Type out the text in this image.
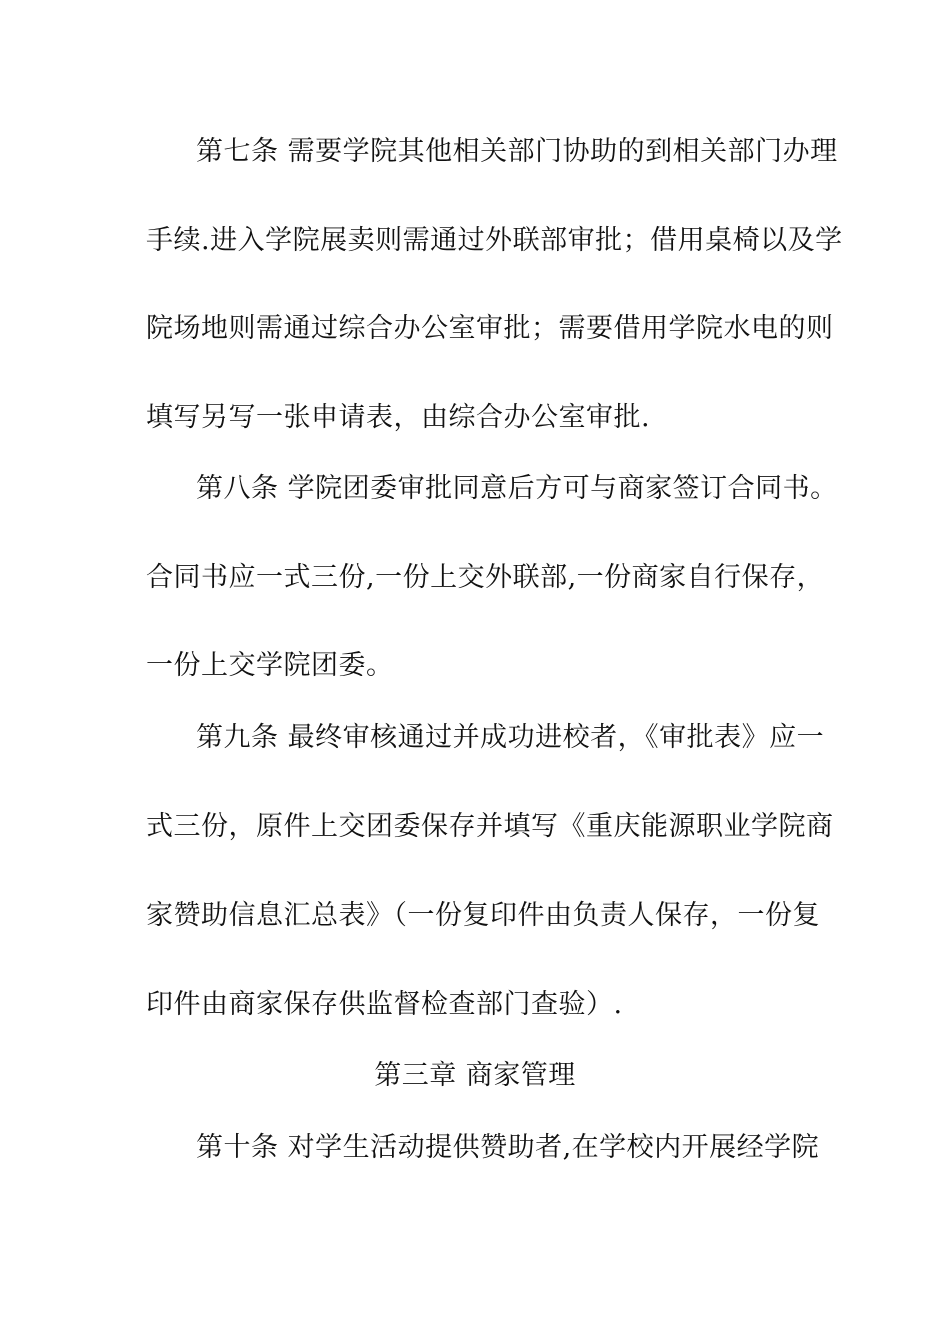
第七条 需要学院其他相关部门协助的到相关部门办理
手续.进入学院展卖则需通过外联部审批；借用桌椅以及学
院场地则需通过综合办公室审批；需要借用学院水电的则
填写另写一张申请表，由综合办公室审批.
第八条 学院团委审批同意后方可与商家签订合同书。
合同书应一式三份,一份上交外联部,一份商家自行保存，
一份上交学院团委。
第九条 最终审核通过并成功进校者，《审批表》应一
式三份，原件上交团委保存并填写《重庆能源职业学院商
家赞助信息汇总表》（一份复印件由负责人保存，一份复
印件由商家保存供监督检查部门查验）.
第三章 商家管理
第十条 对学生活动提供赞助者,在学校内开展经学院
